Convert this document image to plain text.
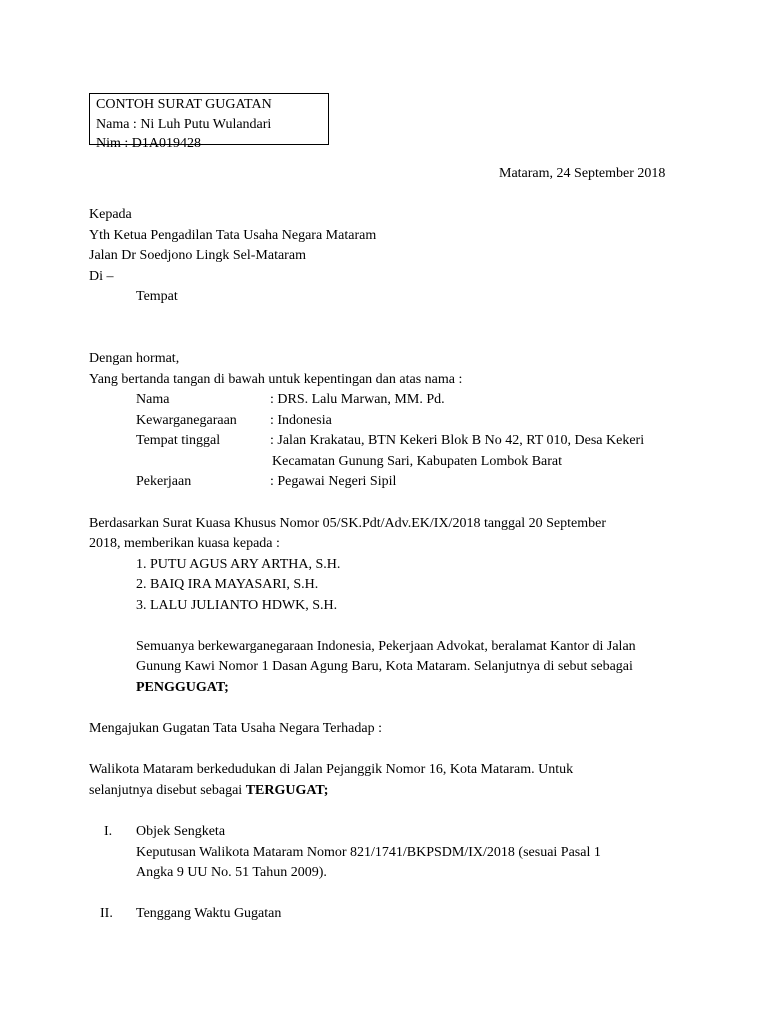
CONTOH SURAT GUGATAN
Nama : Ni Luh Putu Wulandari
Nim : D1A019428
Mataram, 24 September 2018
Kepada
Yth Ketua Pengadilan Tata Usaha Negara Mataram
Jalan Dr Soedjono Lingk Sel-Mataram
Di –
Tempat
Dengan hormat,
Yang bertanda tangan di bawah untuk kepentingan dan atas nama :
Nama	: DRS. Lalu Marwan, MM. Pd.
Kewarganegaraan : Indonesia
Tempat tinggal	: Jalan Krakatau, BTN Kekeri Blok B No 42, RT 010, Desa Kekeri
Kecamatan Gunung Sari, Kabupaten Lombok Barat
Pekerjaan	: Pegawai Negeri Sipil
Berdasarkan Surat Kuasa Khusus Nomor 05/SK.Pdt/Adv.EK/IX/2018 tanggal 20 September
2018, memberikan kuasa kepada :
1. PUTU AGUS ARY ARTHA, S.H.
2. BAIQ IRA MAYASARI, S.H.
3. LALU JULIANTO HDWK, S.H.
Semuanya berkewarganegaraan Indonesia, Pekerjaan Advokat, beralamat Kantor di Jalan
Gunung Kawi Nomor 1 Dasan Agung Baru, Kota Mataram. Selanjutnya di sebut sebagai
PENGGUGAT;
Mengajukan Gugatan Tata Usaha Negara Terhadap :
Walikota Mataram berkedudukan di Jalan Pejanggik Nomor 16, Kota Mataram. Untuk
selanjutnya disebut sebagai TERGUGAT;
I. Objek Sengketa
Keputusan Walikota Mataram Nomor 821/1741/BKPSDM/IX/2018 (sesuai Pasal 1
Angka 9 UU No. 51 Tahun 2009).
II. Tenggang Waktu Gugatan
